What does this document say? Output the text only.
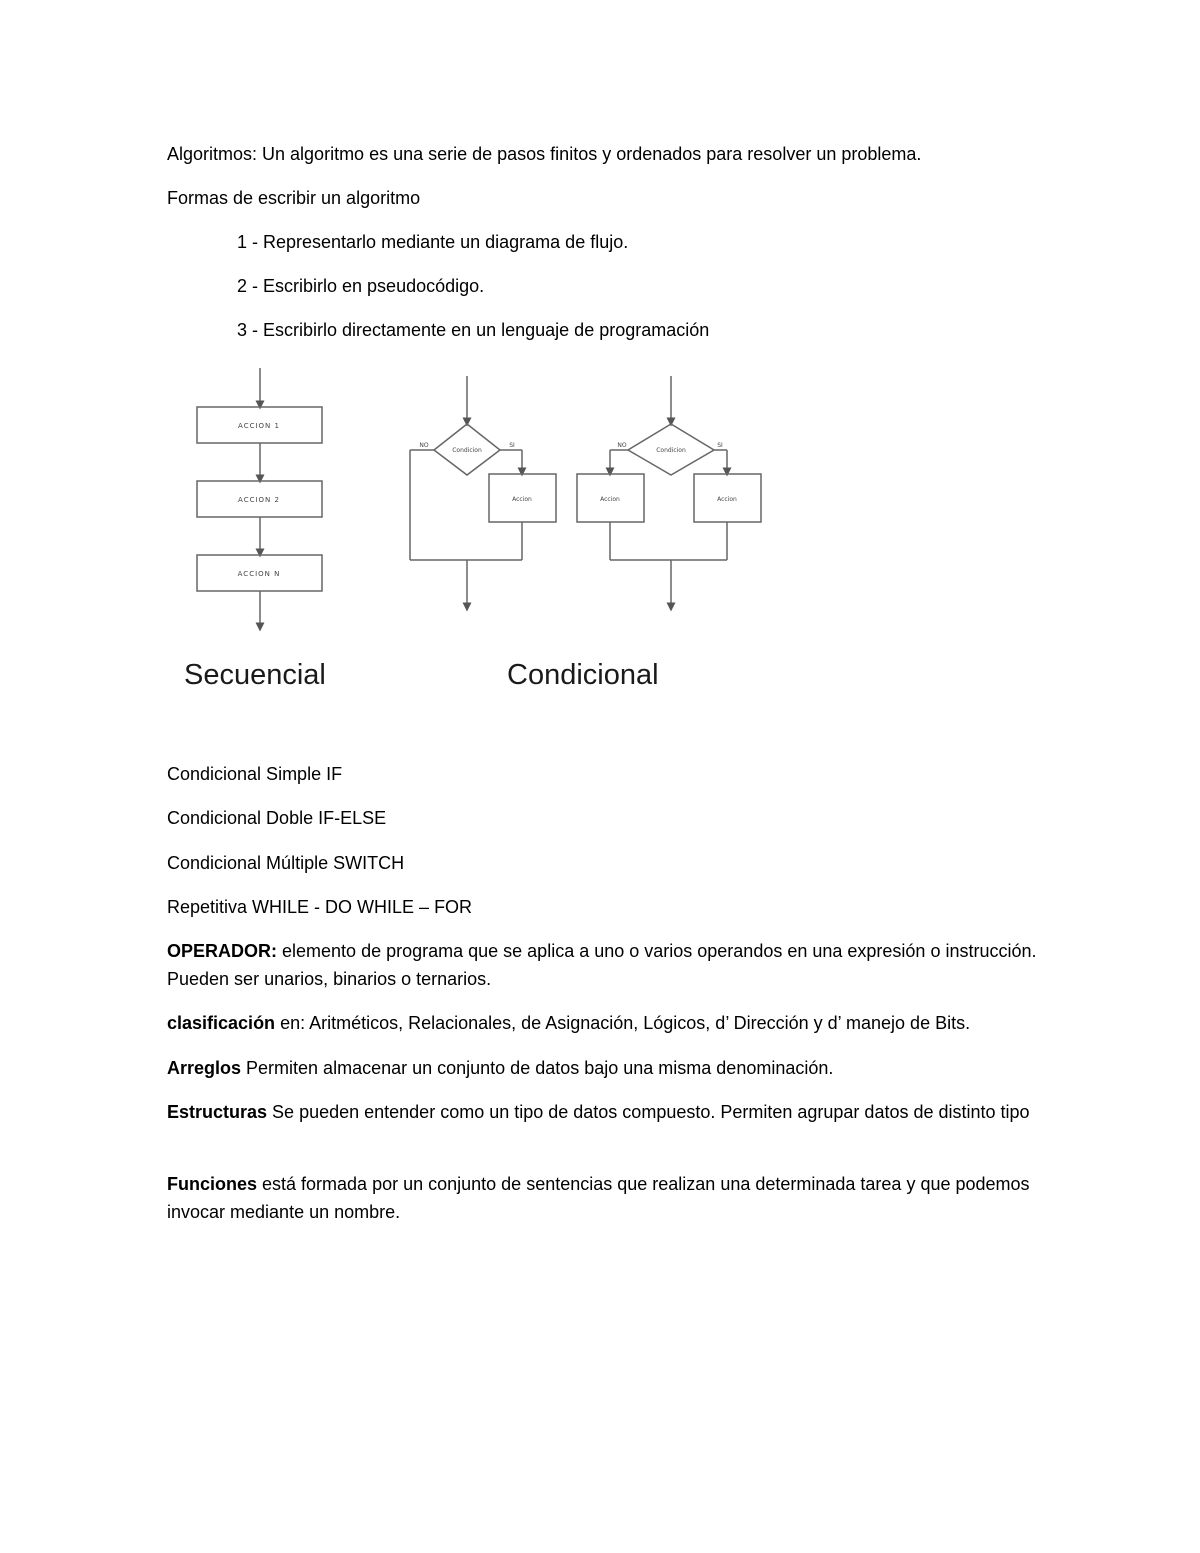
Algoritmos: Un algoritmo es una serie de pasos finitos y ordenados para resolver un problema.

Formas de escribir un algoritmo

1 - Representarlo mediante un diagrama de flujo.

2 - Escribirlo en pseudocódigo.

3 - Escribirlo directamente en un lenguaje de programación

ACCION 1
ACCION 2
ACCION N
Condicion
NO	SI
Accion
Condicion
NO	SI
Accion	Accion
Secuencial	Condicional

Condicional Simple IF

Condicional Doble IF-ELSE

Condicional Múltiple SWITCH

Repetitiva WHILE - DO WHILE – FOR

OPERADOR: elemento de programa que se aplica a uno o varios operandos en una expresión o instrucción. Pueden ser unarios, binarios o ternarios.

clasificación en: Aritméticos, Relacionales, de Asignación, Lógicos, d’ Dirección y d’ manejo de Bits.

Arreglos Permiten almacenar un conjunto de datos bajo una misma denominación.

Estructuras Se pueden entender como un tipo de datos compuesto. Permiten agrupar datos de distinto tipo

Funciones está formada por un conjunto de sentencias que realizan una determinada tarea y que podemos invocar mediante un nombre.
